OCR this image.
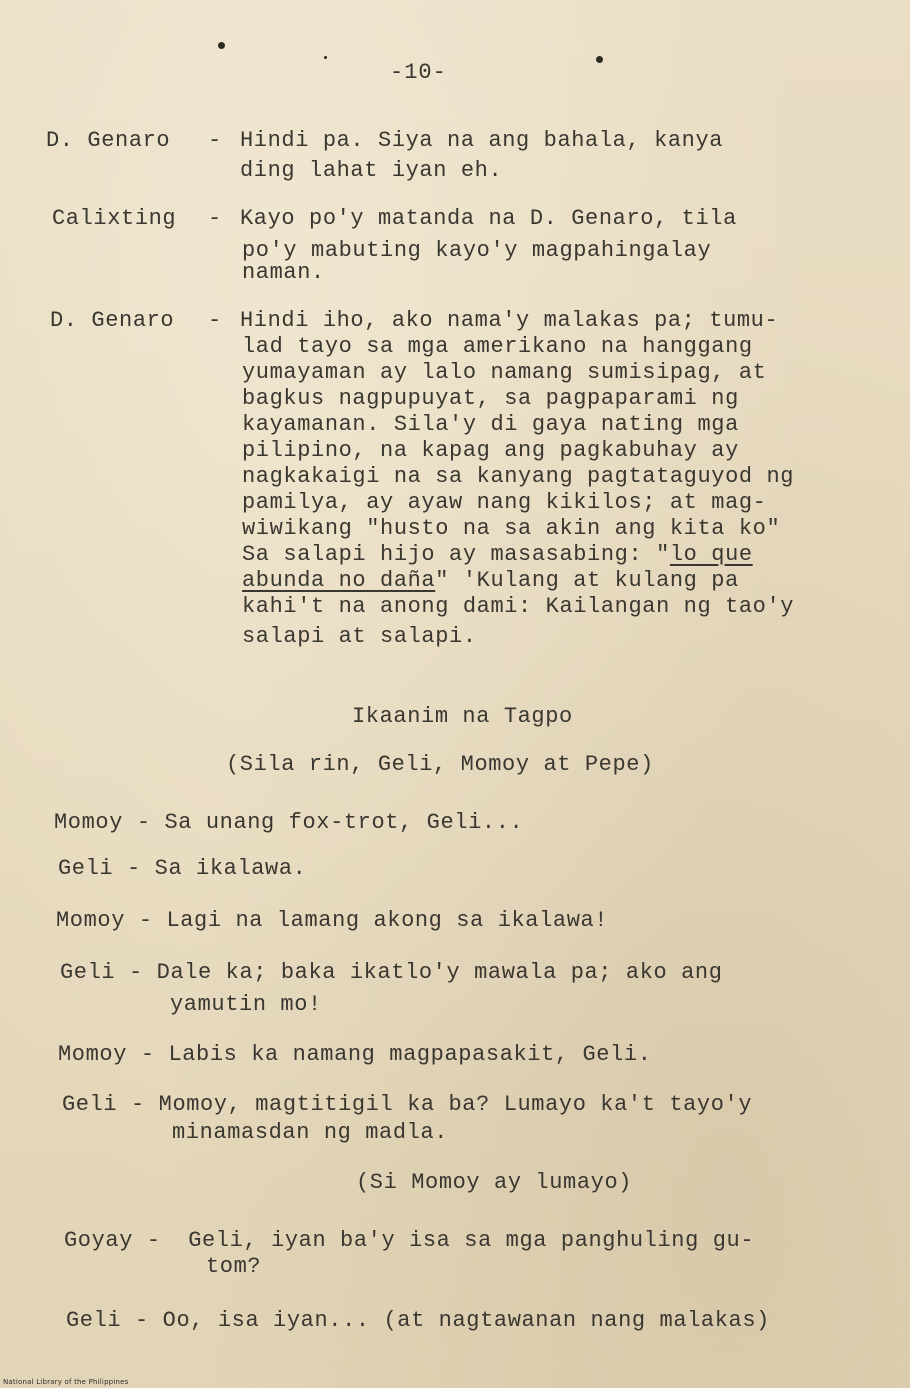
-10-
D. Genaro - Hindi pa. Siya na ang bahala, kanya
ding lahat iyan eh.
Calixting - Kayo po'y matanda na D. Genaro, tila
po'y mabuting kayo'y magpahingalay
naman.
D. Genaro - Hindi iho, ako nama'y malakas pa; tumu-
lad tayo sa mga amerikano na hanggang
yumayaman ay lalo namang sumisipag, at
bagkus nagpupuyat, sa pagpaparami ng
kayamanan. Sila'y di gaya nating mga
pilipino, na kapag ang pagkabuhay ay
nagkakaigi na sa kanyang pagtataguyod ng
pamilya, ay ayaw nang kikilos; at mag-
wiwikang "husto na sa akin ang kita ko"
Sa salapi hijo ay masasabing: "lo que
abunda no daña" 'Kulang at kulang pa
kahi't na anong dami: Kailangan ng tao'y
salapi at salapi.
Ikaanim na Tagpo
(Sila rin, Geli, Momoy at Pepe)
Momoy - Sa unang fox-trot, Geli...
Geli - Sa ikalawa.
Momoy - Lagi na lamang akong sa ikalawa!
Geli - Dale ka; baka ikatlo'y mawala pa; ako ang
yamutin mo!
Momoy - Labis ka namang magpapasakit, Geli.
Geli - Momoy, magtitigil ka ba? Lumayo ka't tayo'y
minamasdan ng madla.
(Si Momoy ay lumayo)
Goyay -  Geli, iyan ba'y isa sa mga panghuling gu-
tom?
Geli - Oo, isa iyan... (at nagtawanan nang malakas)
National Library of the Philippines
